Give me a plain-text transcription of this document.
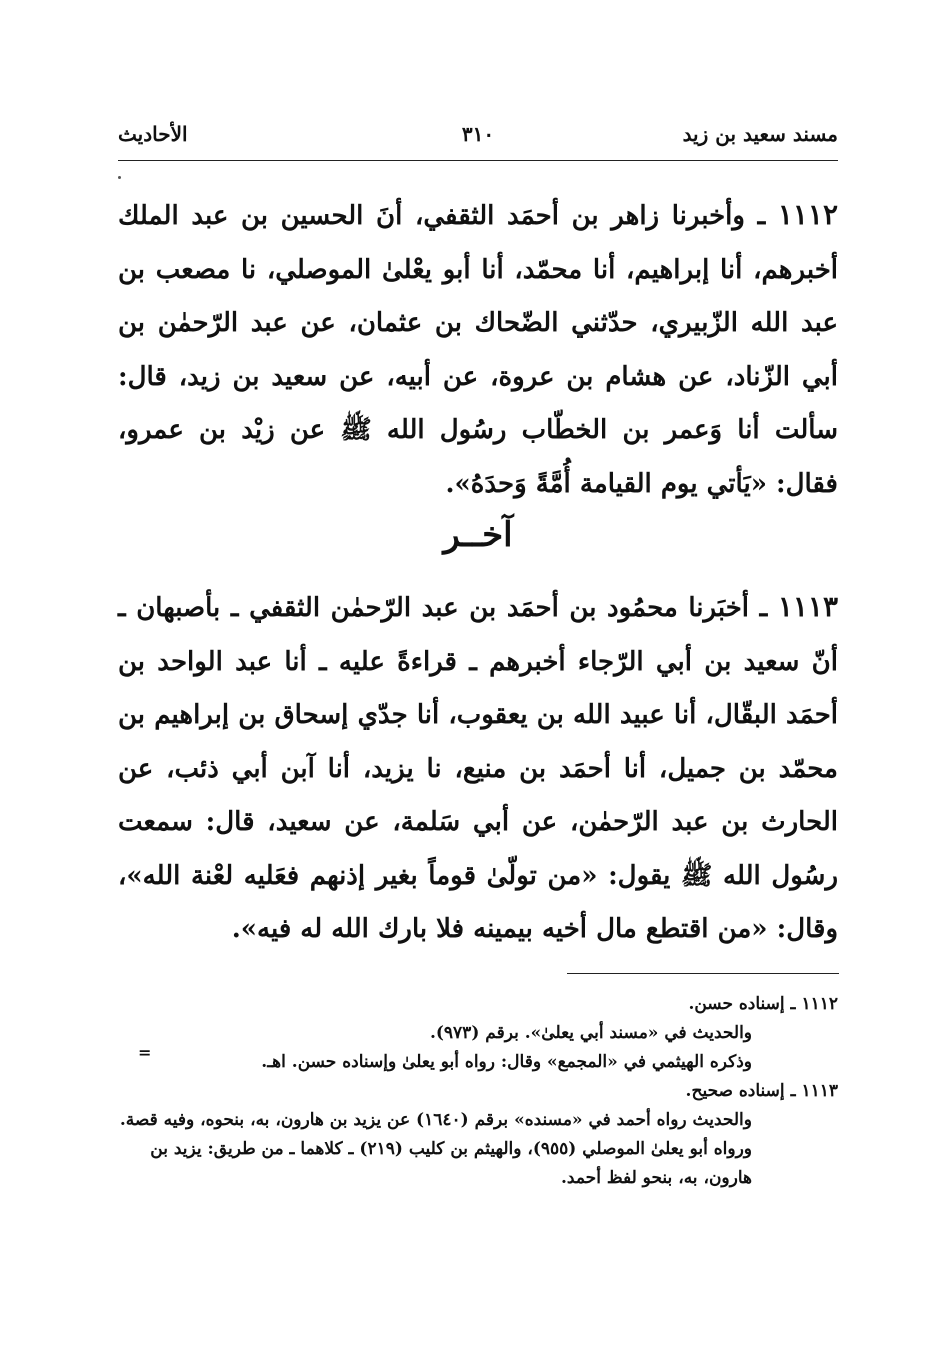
مسند سعيد بن زيد
٣١٠
الأحاديث
١١١٢ ـ وأخبرنا زاهر بن أحمَد الثقفي، أنَ الحسين بن عبد الملك أخبرهم، أنا إبراهيم، أنا محمّد، أنا أبو يعْلىٰ الموصلي، نا مصعب بن عبد الله الزّبيري، حدّثني الضّحاك بن عثمان، عن عبد الرّحمٰن بن أبي الزّناد، عن هشام بن عروة، عن أبيه، عن سعيد بن زيد، قال: سألت أنا وَعمر بن الخطّاب رسُول الله ﷺ عن زيْد بن عمرو، فقال: «يَأتي يوم القيامة أُمَّةً وَحدَهُ».
آخــر
١١١٣ ـ أخبَرنا محمُود بن أحمَد بن عبد الرّحمٰن الثقفي ـ بأصبهان ـ أنّ سعيد بن أبي الرّجاء أخبرهم ـ قراءةً عليه ـ أنا عبد الواحد بن أحمَد البقّال، أنا عبيد الله بن يعقوب، أنا جدّي إسحاق بن إبراهيم بن محمّد بن جميل، أنا أحمَد بن منيع، نا يزيد، أنا آبن أبي ذئب، عن الحارث بن عبد الرّحمٰن، عن أبي سَلمة، عن سعيد، قال: سمعت رسُول الله ﷺ يقول: «من تولّىٰ قوماً بغير إذنهم فعَليه لعْنة الله»، وقال: «من اقتطع مال أخيه بيمينه فلا بارك الله له فيه».
١١١٢ ـ إسناده حسن.
والحديث في «مسند أبي يعلىٰ». برقم (٩٧٣).
وذكره الهيثمي في «المجمع» وقال: رواه أبو يعلىٰ وإسناده حسن. اهـ.
١١١٣ ـ إسناده صحيح.
والحديث رواه أحمد في «مسنده» برقم (١٦٤٠) عن يزيد بن هارون، به، بنحوه، وفيه قصة.
ورواه أبو يعلىٰ الموصلي (٩٥٥)، والهيثم بن كليب (٢١٩) ـ كلاهما ـ من طريق: يزيد بن هارون، به، بنحو لفظ أحمد.
=
